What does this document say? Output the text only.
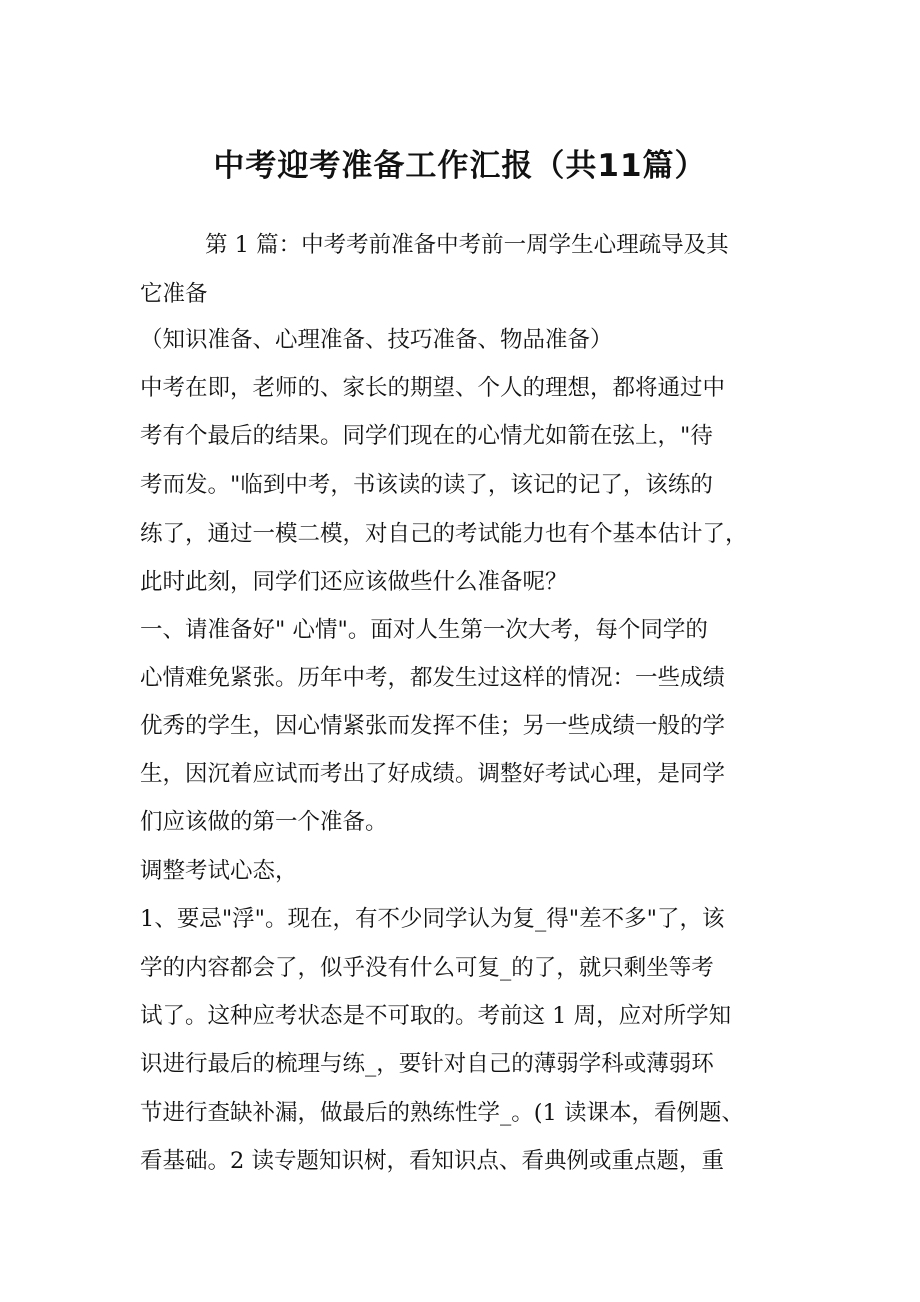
中考迎考准备工作汇报（共11篇）

第 1 篇：中考考前准备中考前一周学生心理疏导及其

它准备

（知识准备、心理准备、技巧准备、物品准备）

中考在即，老师的、家长的期望、个人的理想，都将通过中

考有个最后的结果。同学们现在的心情尤如箭在弦上，"待

考而发。"临到中考，书该读的读了，该记的记了，该练的

练了，通过一模二模，对自己的考试能力也有个基本估计了，

此时此刻，同学们还应该做些什么准备呢？

一、请准备好" 心情"。面对人生第一次大考，每个同学的

心情难免紧张。历年中考，都发生过这样的情况：一些成绩

优秀的学生，因心情紧张而发挥不佳；另一些成绩一般的学

生，因沉着应试而考出了好成绩。调整好考试心理，是同学

们应该做的第一个准备。

调整考试心态，

1、要忌"浮"。现在，有不少同学认为复_得"差不多"了，该

学的内容都会了，似乎没有什么可复_的了，就只剩坐等考

试了。这种应考状态是不可取的。考前这 1 周，应对所学知

识进行最后的梳理与练_，要针对自己的薄弱学科或薄弱环

节进行查缺补漏，做最后的熟练性学_。(1 读课本，看例题、

看基础。2 读专题知识树，看知识点、看典例或重点题，重
